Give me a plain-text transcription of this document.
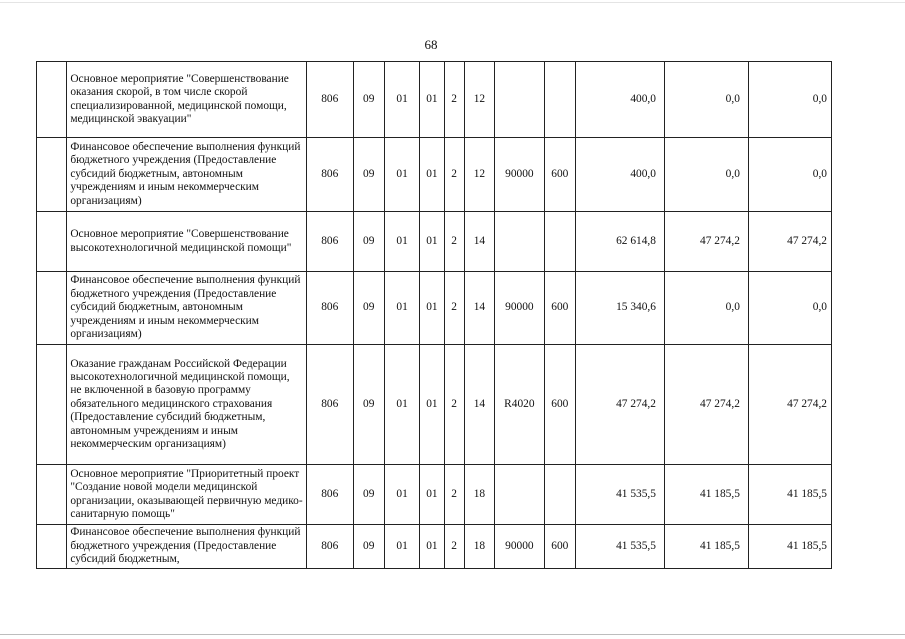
68
	Основное мероприятие "Совершенствование оказания скорой, в том числе скорой специализированной, медицинской помощи, медицинской эвакуации"	806	09	01	01	2	12			400,0	0,0	0,0
	Финансовое обеспечение выполнения функций бюджетного учреждения (Предоставление субсидий бюджетным, автономным учреждениям и иным некоммерческим организациям)	806	09	01	01	2	12	90000	600	400,0	0,0	0,0
	Основное мероприятие "Совершенствование высокотехнологичной медицинской помощи"	806	09	01	01	2	14			62 614,8	47 274,2	47 274,2
	Финансовое обеспечение выполнения функций бюджетного учреждения (Предоставление субсидий бюджетным, автономным учреждениям и иным некоммерческим организациям)	806	09	01	01	2	14	90000	600	15 340,6	0,0	0,0
	Оказание гражданам Российской Федерации высокотехнологичной медицинской помощи, не включенной в базовую программу обязательного медицинского страхования (Предоставление субсидий бюджетным, автономным учреждениям и иным некоммерческим организациям)	806	09	01	01	2	14	R4020	600	47 274,2	47 274,2	47 274,2
	Основное мероприятие "Приоритетный проект "Создание новой модели медицинской организации, оказывающей первичную медико-санитарную помощь"	806	09	01	01	2	18			41 535,5	41 185,5	41 185,5
	Финансовое обеспечение выполнения функций бюджетного учреждения (Предоставление субсидий бюджетным,	806	09	01	01	2	18	90000	600	41 535,5	41 185,5	41 185,5
